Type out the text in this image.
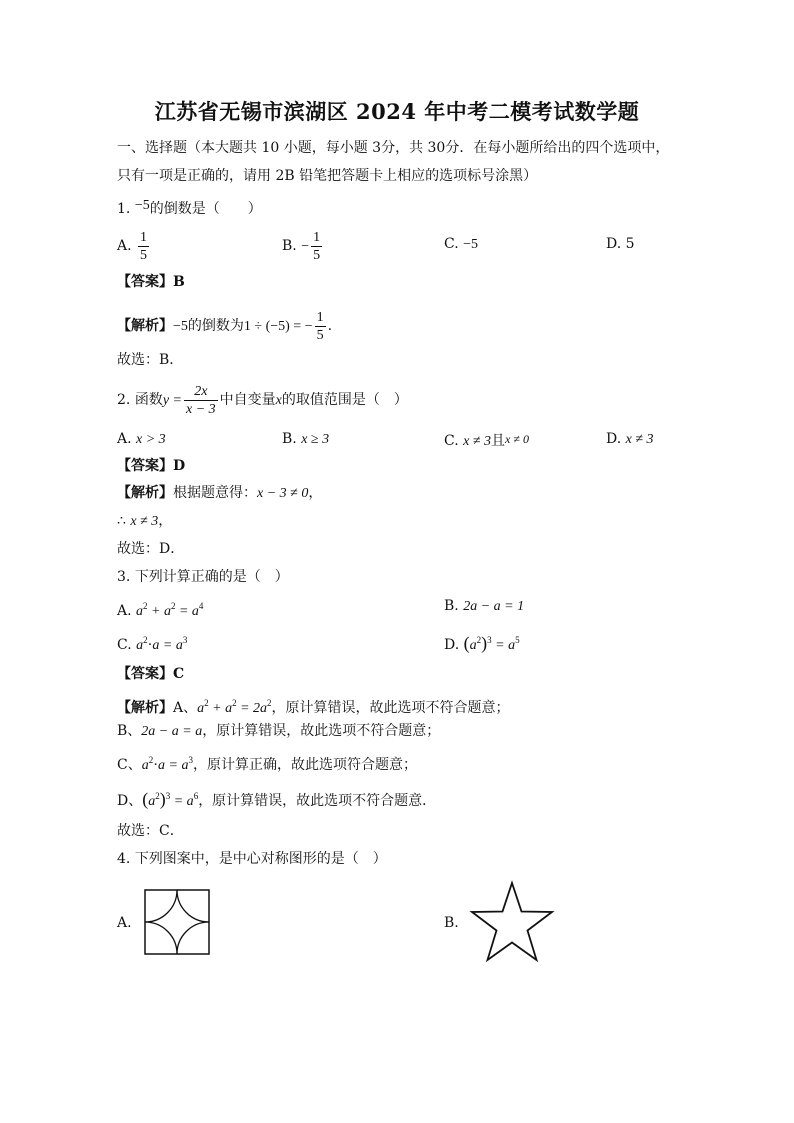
江苏省无锡市滨湖区 2024 年中考二模考试数学题
一、选择题（本大题共 10 小题，每小题 3分，共 30分．在每小题所给出的四个选项中，
只有一项是正确的，请用 2B 铅笔把答题卡上相应的选项标号涂黑）
1. −5的倒数是（　　）
A. $\frac{1}{5}$	B. − $\frac{1}{5}$	C. −5	D. 5
【答案】B
【解析】−5的倒数为1 ÷ (−5) = − $\frac{1}{5}$ .
故选：B．
2. 函数$y = \frac{2x}{x - 3}$ 中自变量x的取值范围是（　）
A. x > 3	B. x ≥ 3	C. x ≠ 3且x ≠ 0	D. x ≠ 3
【答案】D
【解析】根据题意得：x − 3 ≠ 0，
∴ x ≠ 3，
故选：D．
3. 下列计算正确的是（　）
A. $a^2 + a^2 = a^4$	B. 2a − a = 1
C. $a^2\cdot a = a^3$	D. $(a^2)^3 = a^5$
【答案】C
【解析】A、$a^2 + a^2 = 2a^2$，原计算错误，故此选项不符合题意；
B、2a − a = a，原计算错误，故此选项不符合题意；
C、$a^2\cdot a = a^3$，原计算正确，故此选项符合题意；
D、$(a^2)^3 = a^6$，原计算错误，故此选项不符合题意．
故选：C．
4. 下列图案中，是中心对称图形的是（　）
A.	B.
